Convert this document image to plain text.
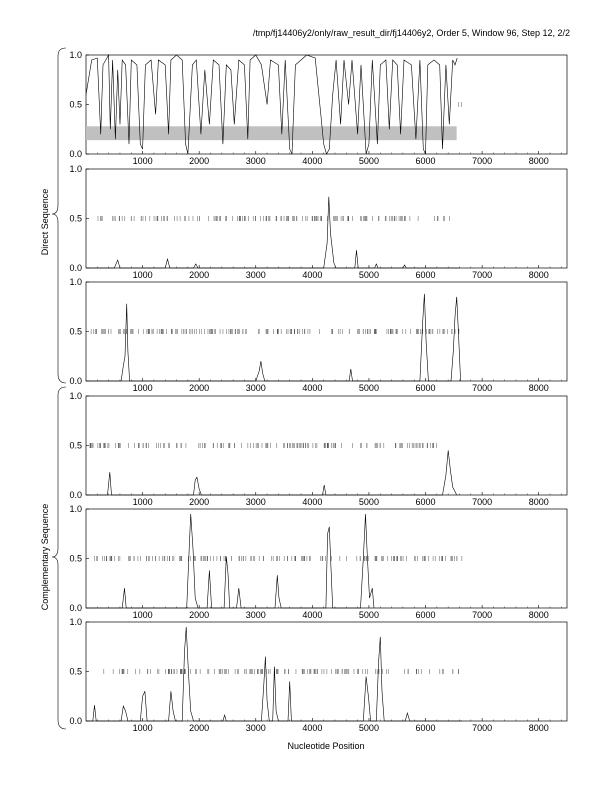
/tmp/fj14406y2/only/raw_result_dir/fj14406y2, Order 5, Window 96, Step 12, 2/2
0.0
0.5
1.0
1000	2000	3000	4000	5000	6000	7000	8000
0.0
0.5
1.0
1000	2000	3000	4000	5000	6000	7000	8000
0.0
0.5
1.0
1000	2000	3000	4000	5000	6000	7000	8000
0.0
0.5
1.0
1000	2000	3000	4000	5000	6000	7000	8000
0.0
0.5
1.0
1000	2000	3000	4000	5000	6000	7000	8000
0.0
0.5
1.0
1000	2000	3000	4000	5000	6000	7000	8000
Direct Sequence
Complementary Sequence
Nucleotide Position
